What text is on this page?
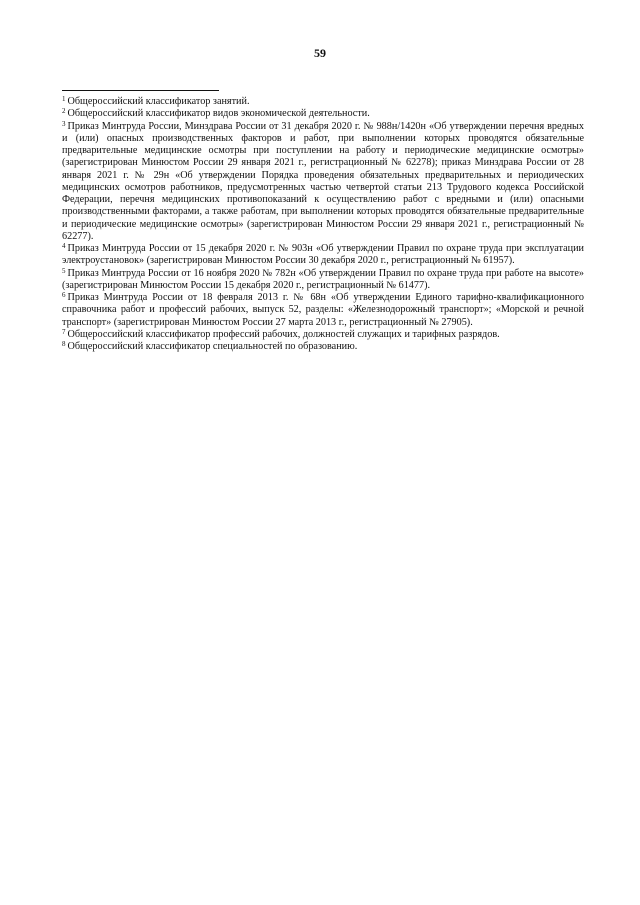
59

$^1$ Общероссийский классификатор занятий.

$^2$ Общероссийский классификатор видов экономической деятельности.

$^3$ Приказ Минтруда России, Минздрава России от 31 декабря 2020 г. № 988н/1420н «Об утверждении перечня вредных и (или) опасных производственных факторов и работ, при выполнении которых проводятся обязательные предварительные медицинские осмотры при поступлении на работу и периодические медицинские осмотры» (зарегистрирован Минюстом России 29 января 2021 г., регистрационный № 62278); приказ Минздрава России от 28 января 2021 г. № 29н «Об утверждении Порядка проведения обязательных предварительных и периодических медицинских осмотров работников, предусмотренных частью четвертой статьи 213 Трудового кодекса Российской Федерации, перечня медицинских противопоказаний к осуществлению работ с вредными и (или) опасными производственными факторами, а также работам, при выполнении которых проводятся обязательные предварительные и периодические медицинские осмотры» (зарегистрирован Минюстом России 29 января 2021 г., регистрационный № 62277).

$^4$ Приказ Минтруда России от 15 декабря 2020 г. № 903н «Об утверждении Правил по охране труда при эксплуатации электроустановок» (зарегистрирован Минюстом России 30 декабря 2020 г., регистрационный № 61957).

$^5$ Приказ Минтруда России от 16 ноября 2020 № 782н «Об утверждении Правил по охране труда при работе на высоте» (зарегистрирован Минюстом России 15 декабря 2020 г., регистрационный № 61477).

$^6$ Приказ Минтруда России от 18 февраля 2013 г. № 68н «Об утверждении Единого тарифно-квалификационного справочника работ и профессий рабочих, выпуск 52, разделы: «Железнодорожный транспорт»; «Морской и речной транспорт» (зарегистрирован Минюстом России 27 марта 2013 г., регистрационный № 27905).

$^7$ Общероссийский классификатор профессий рабочих, должностей служащих и тарифных разрядов.

$^8$ Общероссийский классификатор специальностей по образованию.
